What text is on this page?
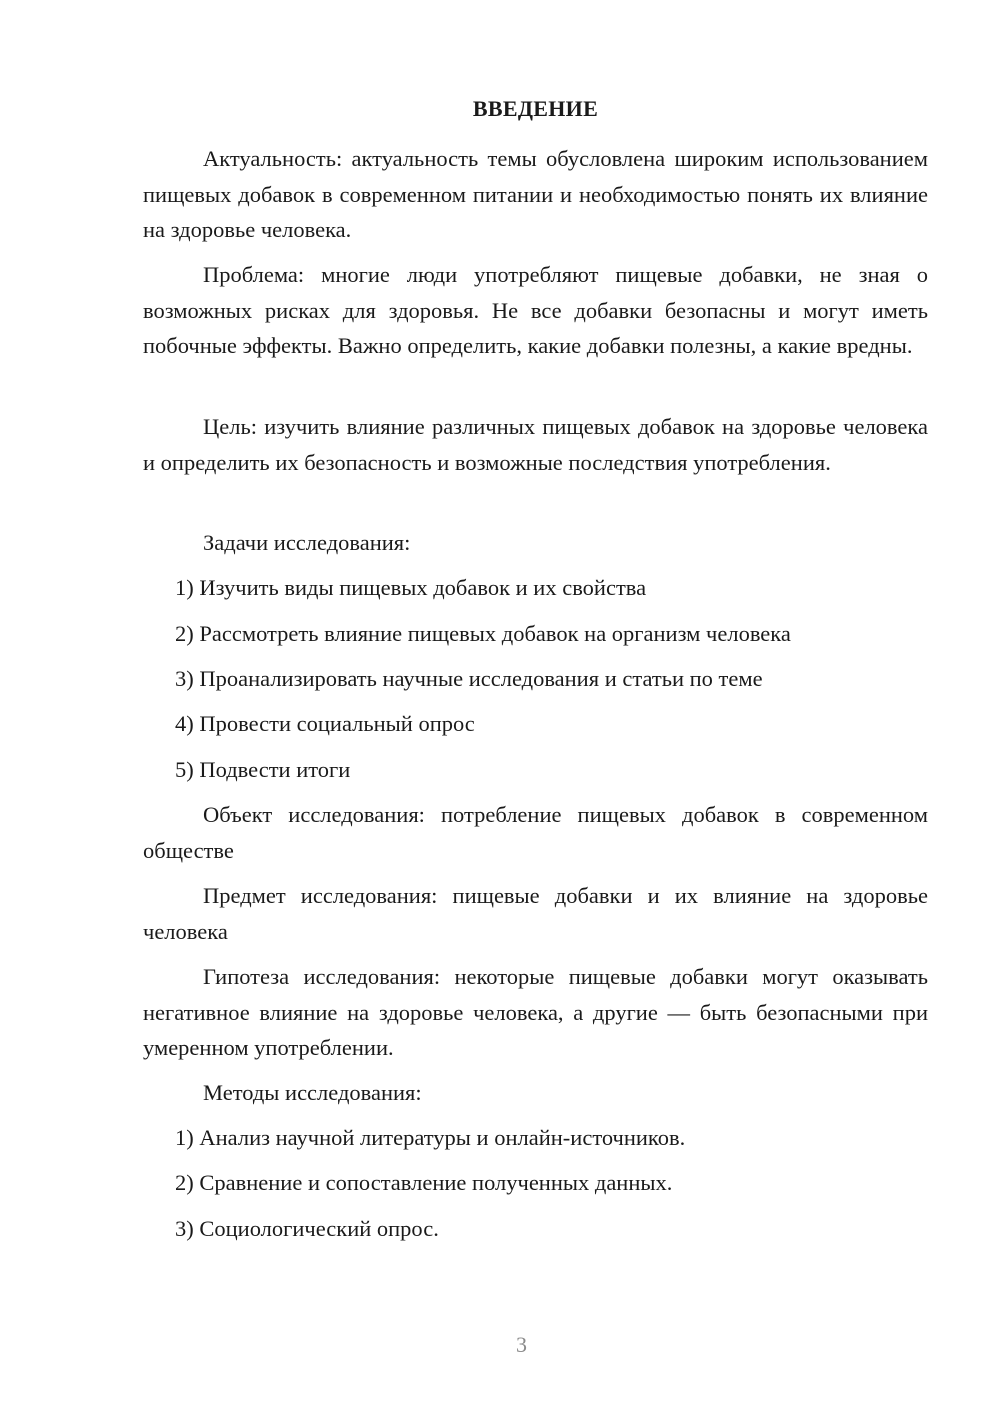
ВВЕДЕНИЕ

Актуальность: актуальность темы обусловлена широким использованием пищевых добавок в современном питании и необходимостью понять их влияние на здоровье человека.

Проблема: многие люди употребляют пищевые добавки, не зная о возможных рисках для здоровья. Не все добавки безопасны и могут иметь побочные эффекты. Важно определить, какие добавки полезны, а какие вредны.

Цель: изучить влияние различных пищевых добавок на здоровье человека и определить их безопасность и возможные последствия употребления.

Задачи исследования:

1) Изучить виды пищевых добавок и их свойства

2) Рассмотреть влияние пищевых добавок на организм человека

3) Проанализировать научные исследования и статьи по теме

4) Провести социальный опрос

5) Подвести итоги

Объект исследования: потребление пищевых добавок в современном обществе

Предмет исследования: пищевые добавки и их влияние на здоровье человека

Гипотеза исследования: некоторые пищевые добавки могут оказывать негативное влияние на здоровье человека, а другие — быть безопасными при умеренном употреблении.

Методы исследования:

1) Анализ научной литературы и онлайн-источников.

2) Сравнение и сопоставление полученных данных.

3) Социологический опрос.

3
